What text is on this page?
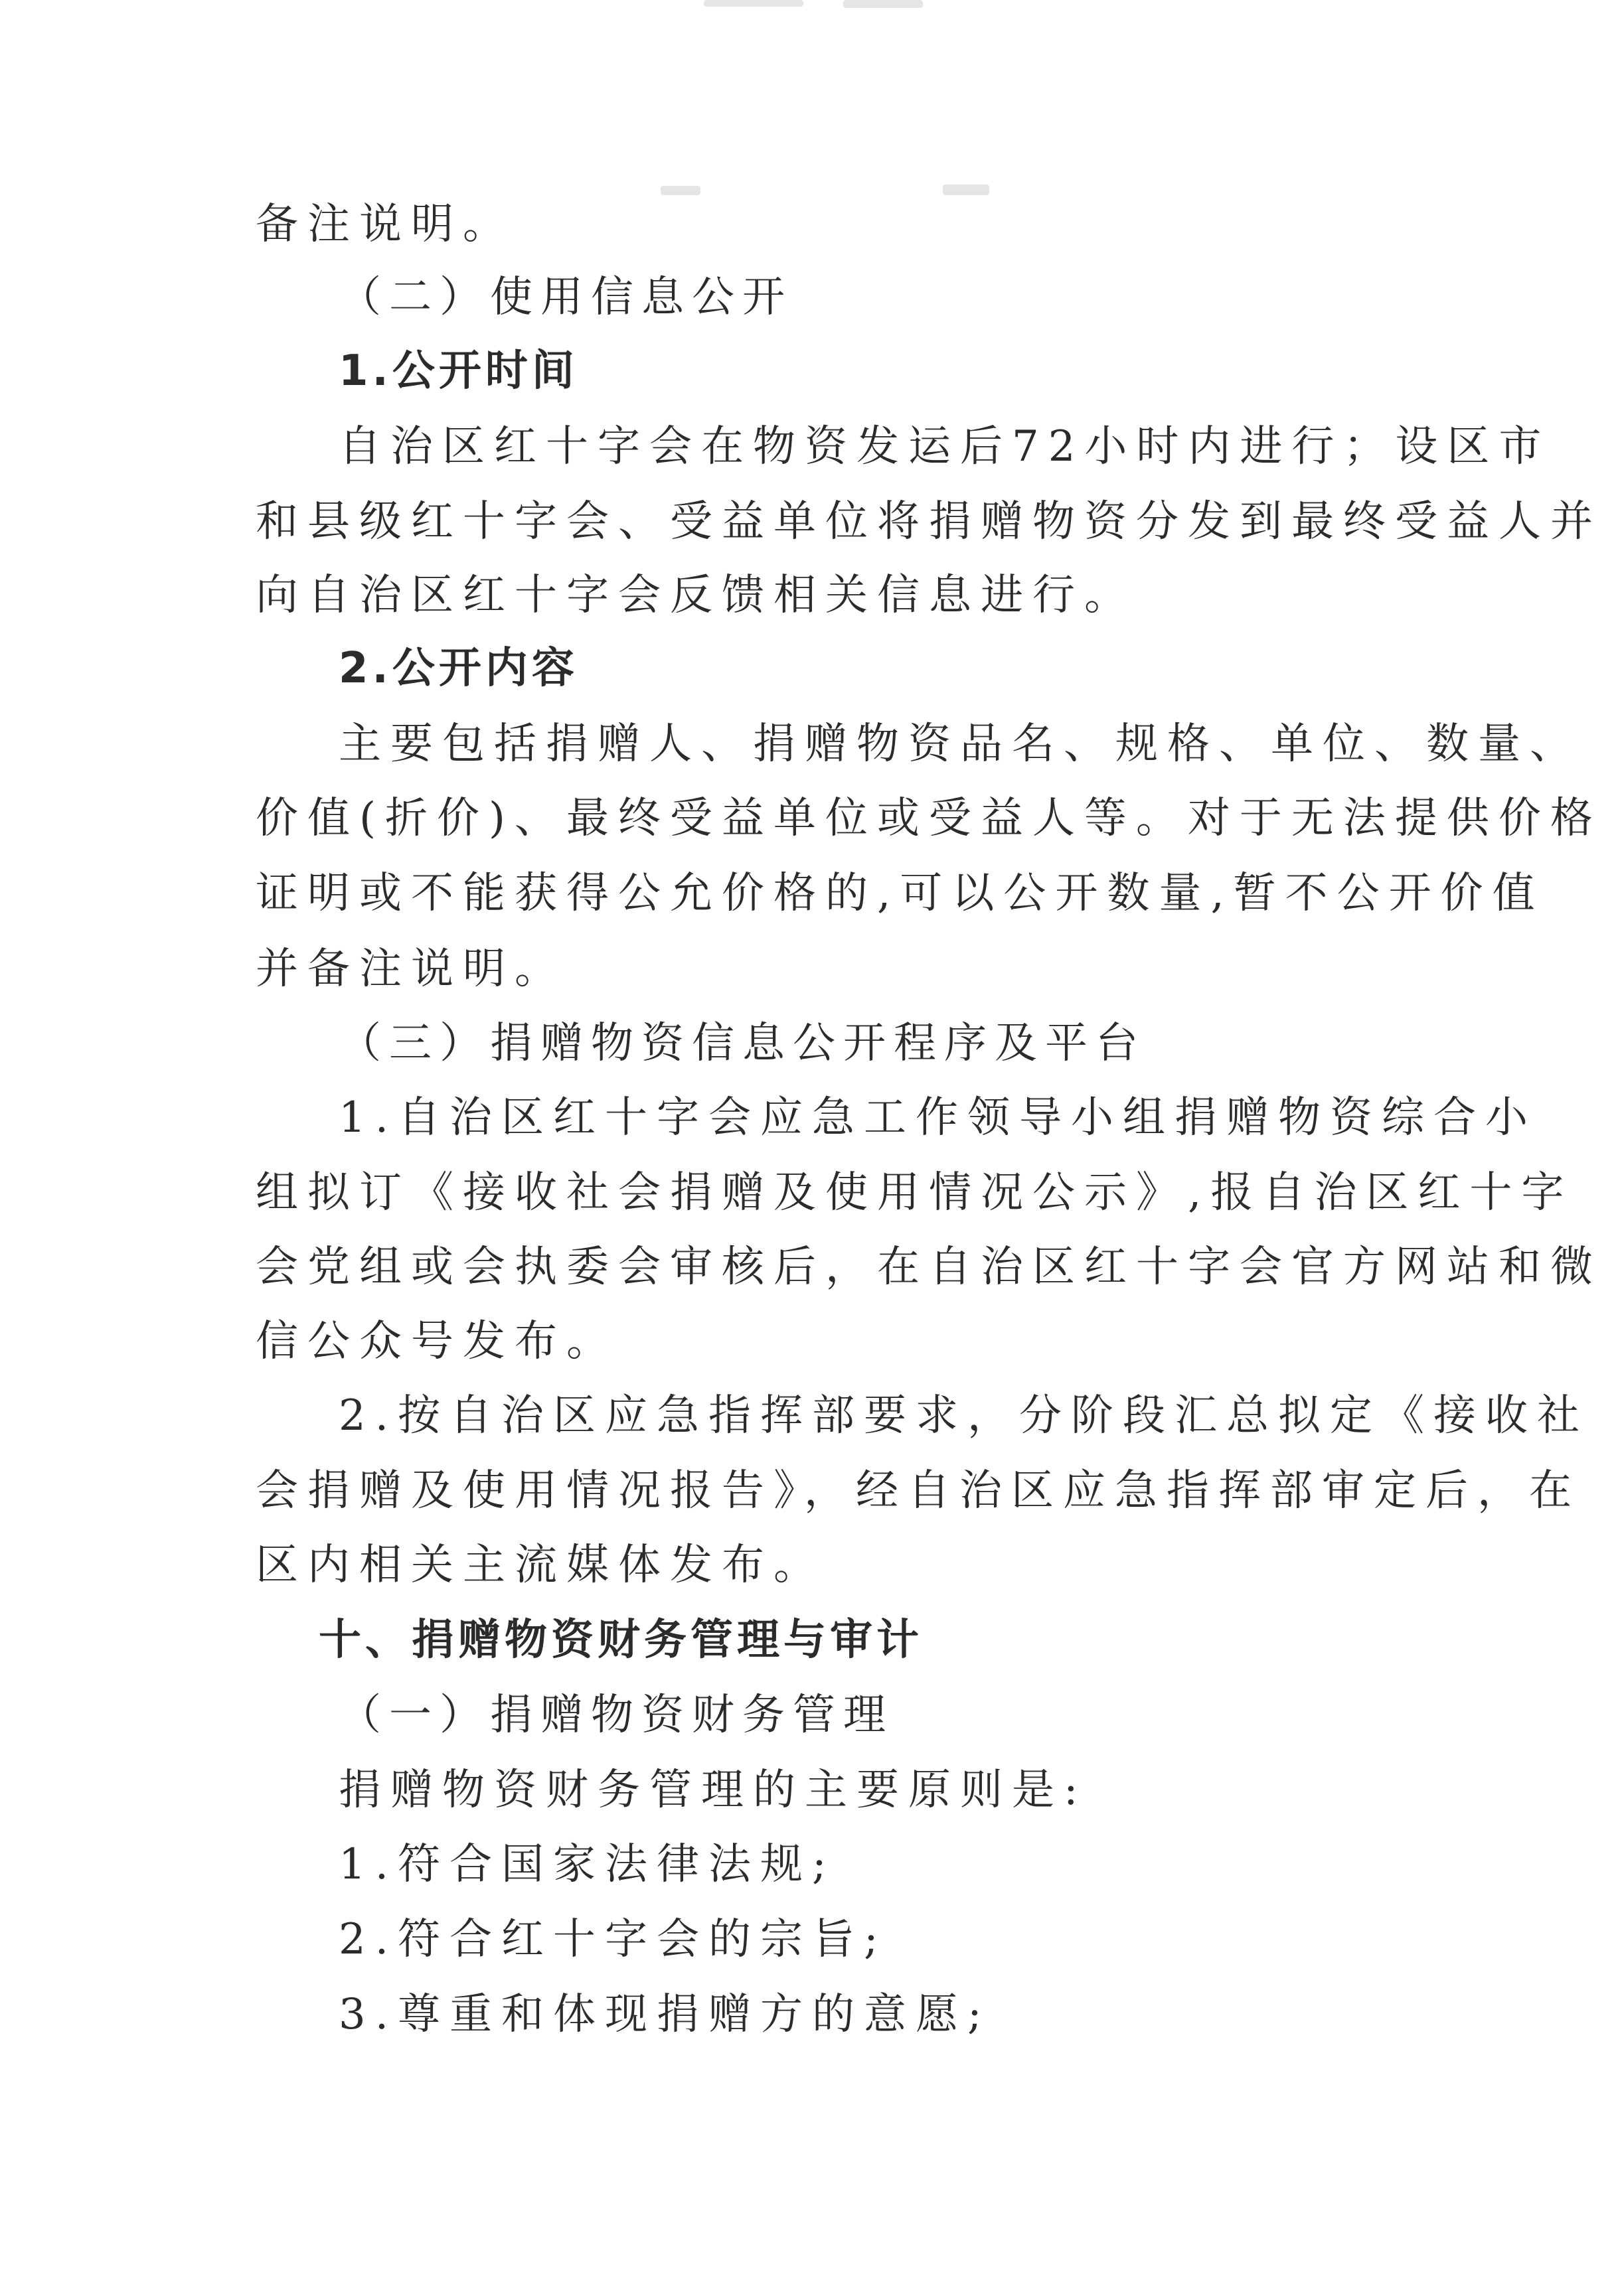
备注说明。
（二）使用信息公开
1.公开时间
自治区红十字会在物资发运后72小时内进行；设区市
和县级红十字会、受益单位将捐赠物资分发到最终受益人并
向自治区红十字会反馈相关信息进行。
2.公开内容
主要包括捐赠人、捐赠物资品名、规格、单位、数量、
价值(折价)、最终受益单位或受益人等。对于无法提供价格
证明或不能获得公允价格的,可以公开数量,暂不公开价值
并备注说明。
（三）捐赠物资信息公开程序及平台
1.自治区红十字会应急工作领导小组捐赠物资综合小
组拟订《接收社会捐赠及使用情况公示》,报自治区红十字
会党组或会执委会审核后，在自治区红十字会官方网站和微
信公众号发布。
2.按自治区应急指挥部要求，分阶段汇总拟定《接收社
会捐赠及使用情况报告》，经自治区应急指挥部审定后，在
区内相关主流媒体发布。
十、捐赠物资财务管理与审计
（一）捐赠物资财务管理
捐赠物资财务管理的主要原则是:
1.符合国家法律法规;
2.符合红十字会的宗旨;
3.尊重和体现捐赠方的意愿;
